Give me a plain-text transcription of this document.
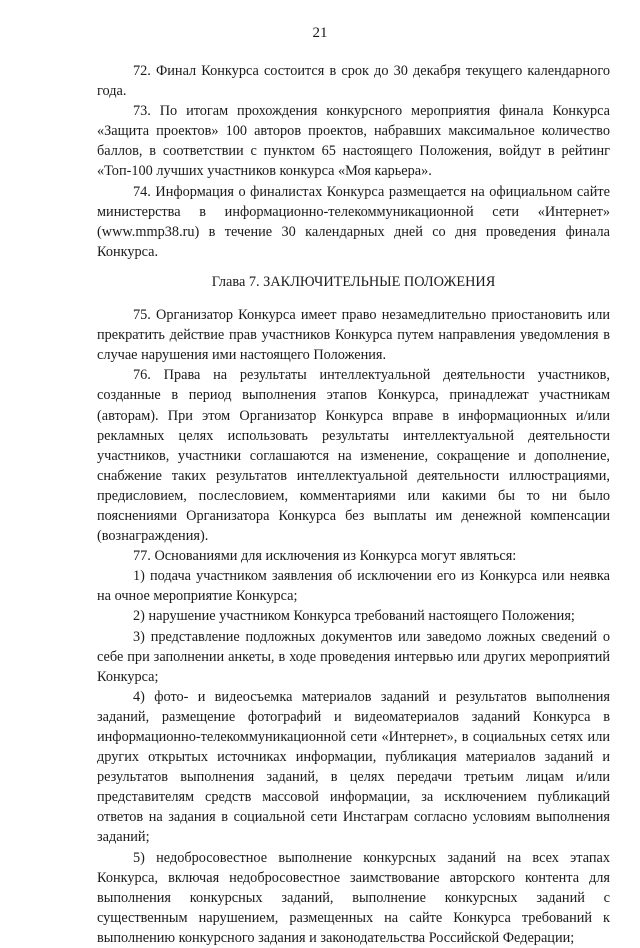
21

72. Финал Конкурса состоится в срок до 30 декабря текущего календарного года.

73. По итогам прохождения конкурсного мероприятия финала Конкурса «Защита проектов» 100 авторов проектов, набравших максимальное количество баллов, в соответствии с пунктом 65 настоящего Положения, войдут в рейтинг «Топ-100 лучших участников конкурса «Моя карьера».

74. Информация о финалистах Конкурса размещается на официальном сайте министерства в информационно-телекоммуникационной сети «Интернет» (www.mmp38.ru) в течение 30 календарных дней со дня проведения финала Конкурса.

Глава 7. ЗАКЛЮЧИТЕЛЬНЫЕ ПОЛОЖЕНИЯ

75. Организатор Конкурса имеет право незамедлительно приостановить или прекратить действие прав участников Конкурса путем направления уведомления в случае нарушения ими настоящего Положения.

76. Права на результаты интеллектуальной деятельности участников, созданные в период выполнения этапов Конкурса, принадлежат участникам (авторам). При этом Организатор Конкурса вправе в информационных и/или рекламных целях использовать результаты интеллектуальной деятельности участников, участники соглашаются на изменение, сокращение и дополнение, снабжение таких результатов интеллектуальной деятельности иллюстрациями, предисловием, послесловием, комментариями или какими бы то ни было пояснениями Организатора Конкурса без выплаты им денежной компенсации (вознаграждения).

77. Основаниями для исключения из Конкурса могут являться:

1) подача участником заявления об исключении его из Конкурса или неявка на очное мероприятие Конкурса;

2) нарушение участником Конкурса требований настоящего Положения;

3) представление подложных документов или заведомо ложных сведений о себе при заполнении анкеты, в ходе проведения интервью или других мероприятий Конкурса;

4) фото- и видеосъемка материалов заданий и результатов выполнения заданий, размещение фотографий и видеоматериалов заданий Конкурса в информационно-телекоммуникационной сети «Интернет», в социальных сетях или других открытых источниках информации, публикация материалов заданий и результатов выполнения заданий, в целях передачи третьим лицам и/или представителям средств массовой информации, за исключением публикаций ответов на задания в социальной сети Инстаграм согласно условиям выполнения заданий;

5) недобросовестное выполнение конкурсных заданий на всех этапах Конкурса, включая недобросовестное заимствование авторского контента для выполнения конкурсных заданий, выполнение конкурсных заданий с существенным нарушением, размещенных на сайте Конкурса требований к выполнению конкурсного задания и законодательства Российской Федерации;
